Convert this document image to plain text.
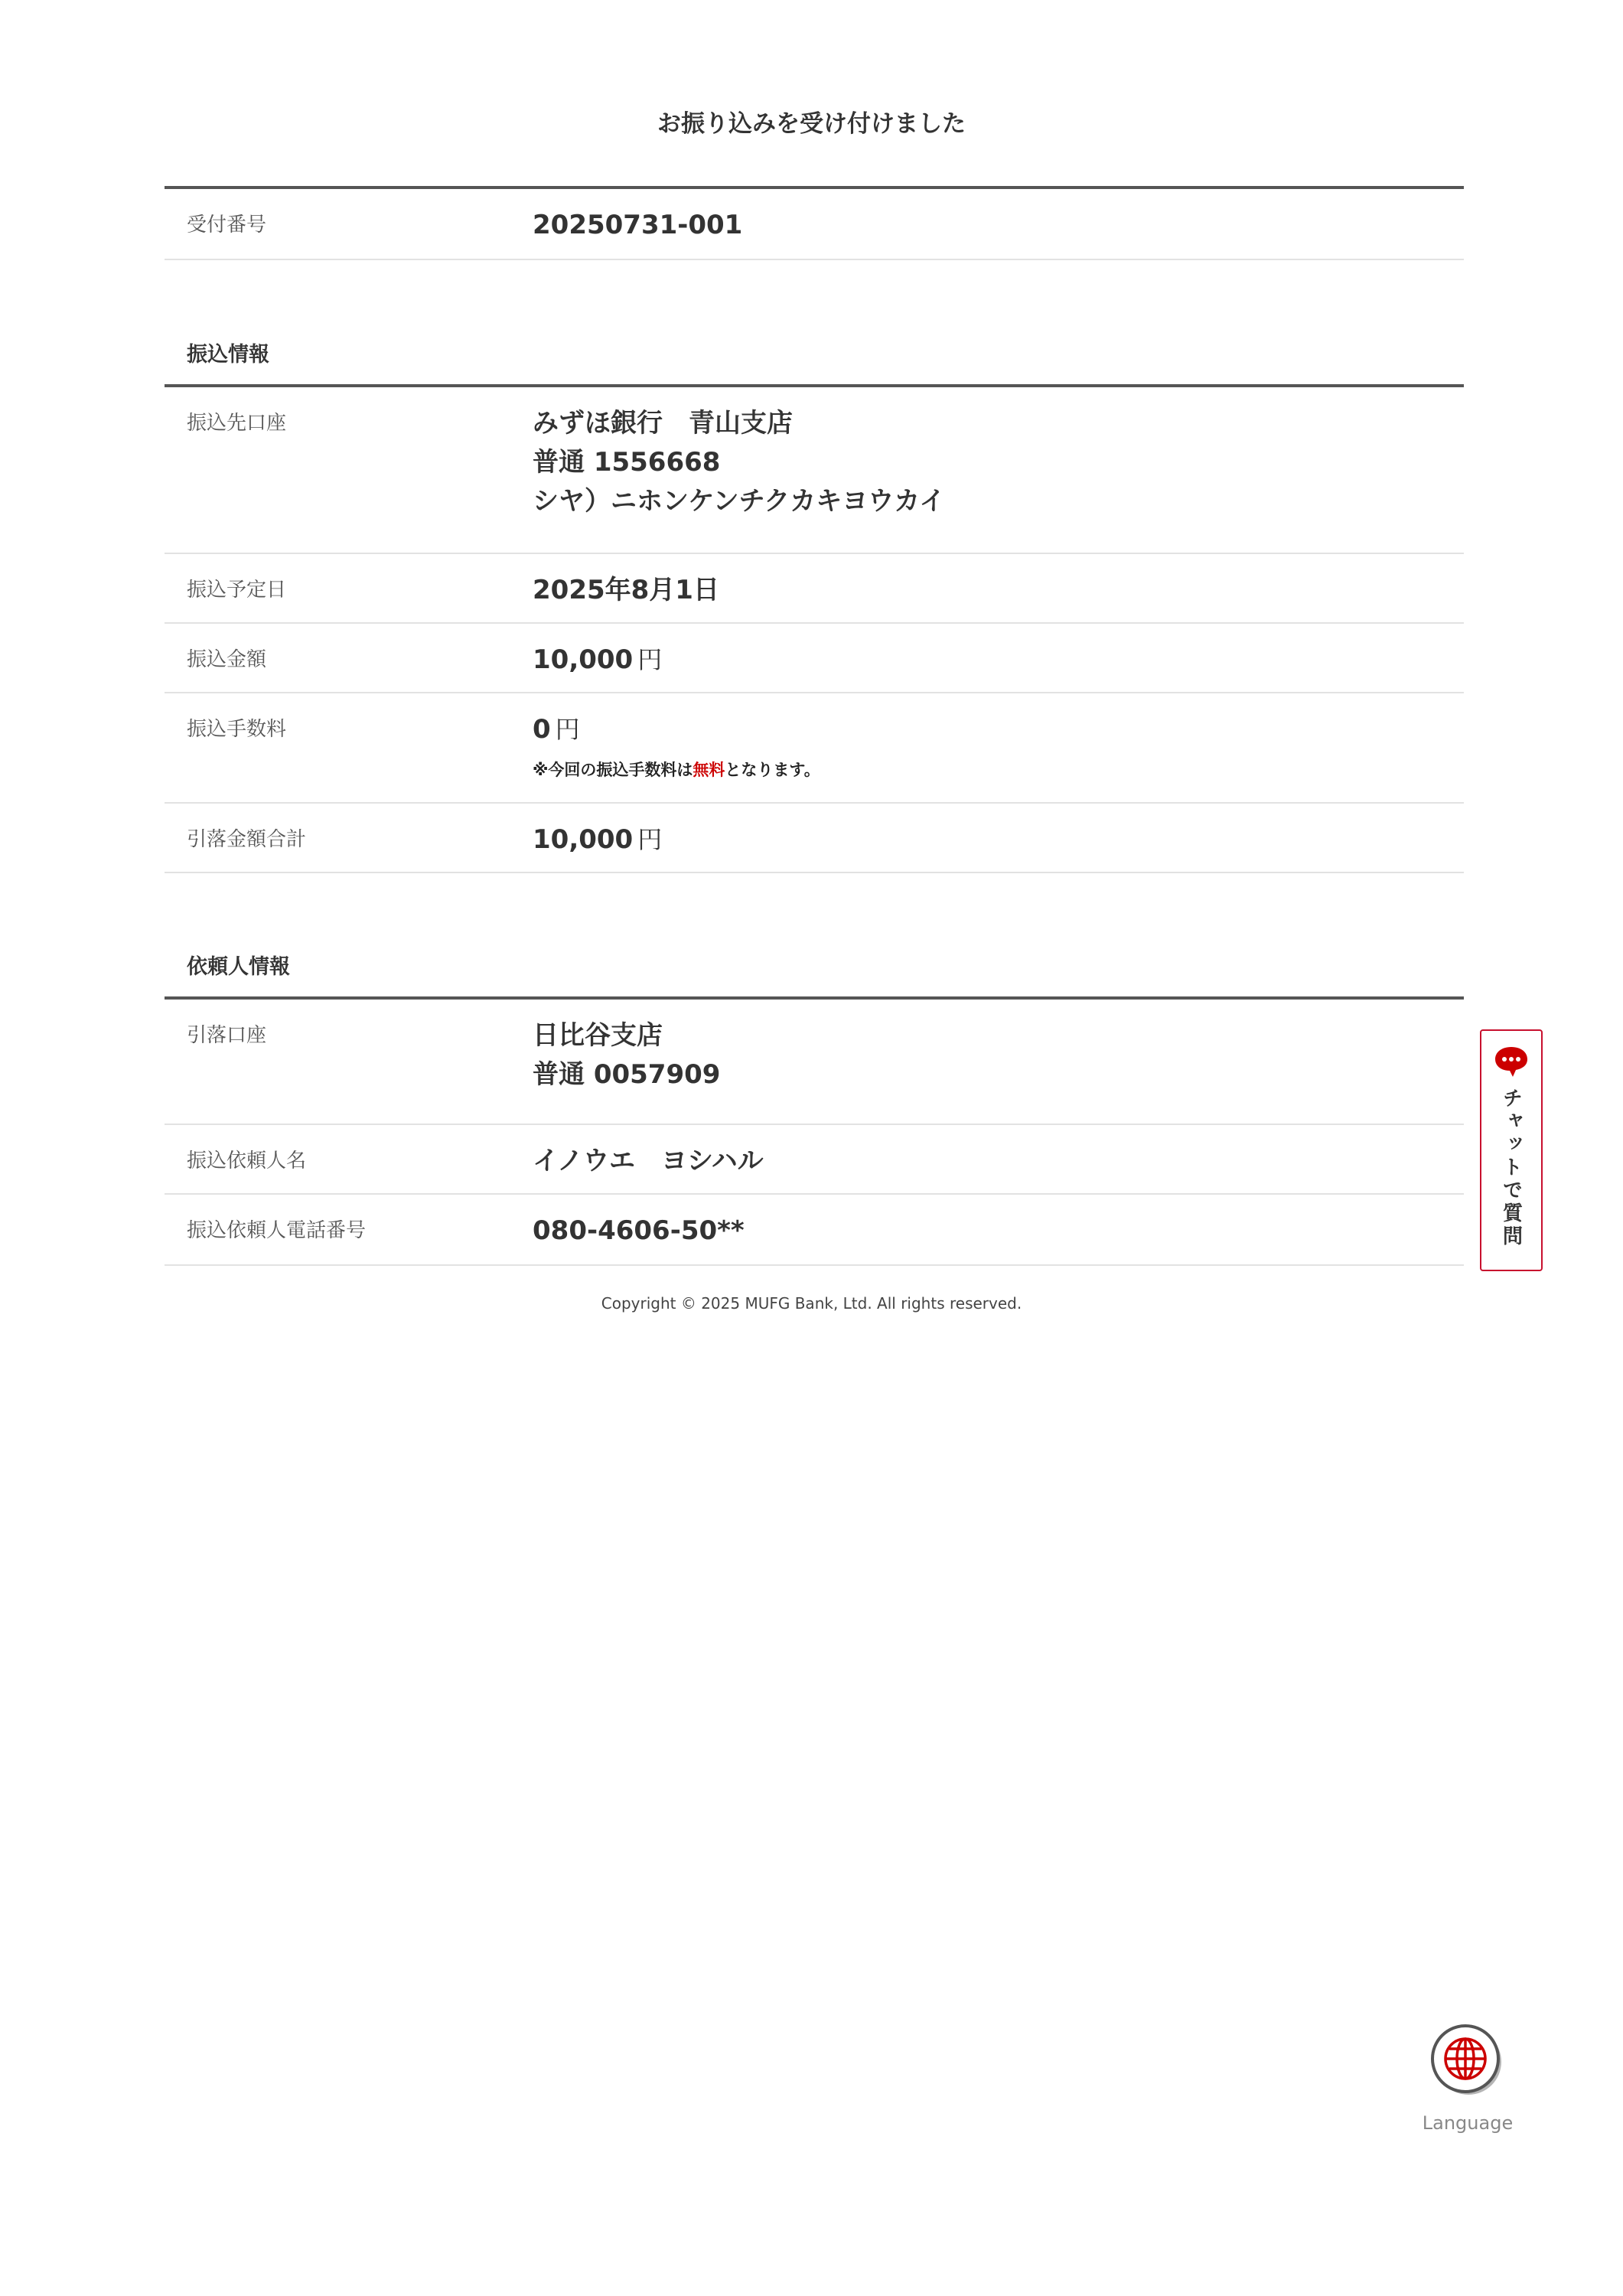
お振り込みを受け付けました
受付番号	20250731-001
振込情報
振込先口座	みずほ銀行　青山支店
普通 1556668
シヤ）ニホンケンチクカキヨウカイ
振込予定日	2025年8月1日
振込金額	10,000 円
振込手数料	0 円
※今回の振込手数料は無料となります。
引落金額合計	10,000 円
依頼人情報
引落口座	日比谷支店
普通 0057909
振込依頼人名	イノウエ　ヨシハル
振込依頼人電話番号	080-4606-50**
Copyright © 2025 MUFG Bank, Ltd. All rights reserved.
チャットで質問
Language
